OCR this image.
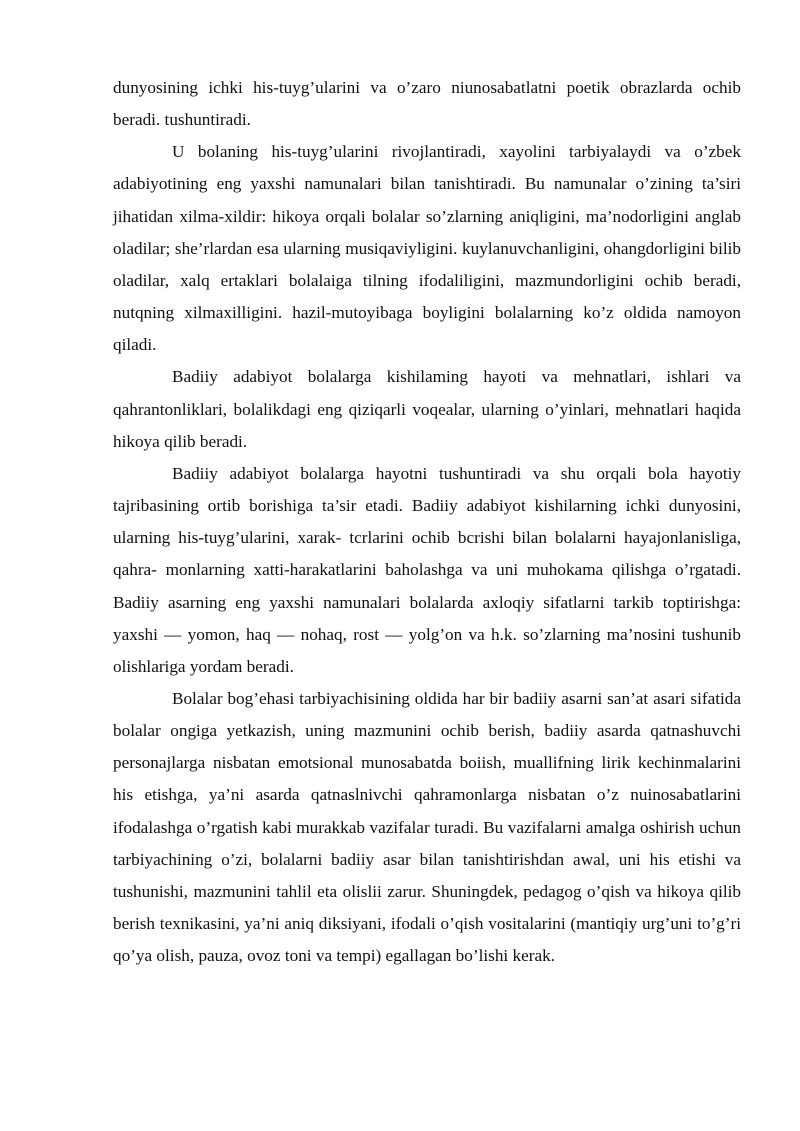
dunyosining ichki his-tuyg’ularini va o’zaro niunosabatlatni poetik obrazlarda ochib beradi. tushuntiradi.

U bolaning his-tuyg’ularini rivojlantiradi, xayolini tarbiyalaydi va o’zbek adabiyotining eng yaxshi namunalari bilan tanishtiradi. Bu namunalar o’zining ta’siri jihatidan xilma-xildir: hikoya orqali bolalar so’zlarning aniqligini, ma’nodorligini anglab oladilar; she’rlardan esa ularning musiqaviyligini. kuylanuvchanligini, ohangdorligini bilib oladilar, xalq ertaklari bolalaiga tilning ifodaliligini, mazmundorligini ochib beradi, nutqning xilmaxilligini. hazil-mutoyibaga boyligini bolalarning ko’z oldida namoyon qiladi.

Badiiy adabiyot bolalarga kishilaming hayoti va mehnatlari, ishlari va qahrantonliklari, bolalikdagi eng qiziqarli voqealar, ularning o’yinlari, mehnatlari haqida hikoya qilib beradi.

Badiiy adabiyot bolalarga hayotni tushuntiradi va shu orqali bola hayotiy tajribasining ortib borishiga ta’sir etadi. Badiiy adabiyot kishilarning ichki dunyosini, ularning his-tuyg’ularini, xarak- tcrlarini ochib bcrishi bilan bolalarni hayajonlanisliga, qahra- monlarning xatti-harakatlarini baholashga va uni muhokama qilishga o’rgatadi. Badiiy asarning eng yaxshi namunalari bolalarda axloqiy sifatlarni tarkib toptirishga: yaxshi — yomon, haq — nohaq, rost — yolg’on va h.k. so’zlarning ma’nosini tushunib olishlariga yordam beradi.

Bolalar bog’ehasi tarbiyachisining oldida har bir badiiy asarni san’at asari sifatida bolalar ongiga yetkazish, uning mazmunini ochib berish, badiiy asarda qatnashuvchi personajlarga nisbatan emotsional munosabatda boiish, muallifning lirik kechinmalarini his etishga, ya’ni asarda qatnaslnivchi qahramonlarga nisbatan o’z nuinosabatlarini ifodalashga o’rgatish kabi murakkab vazifalar turadi. Bu vazifalarni amalga oshirish uchun tarbiyachining o’zi, bolalarni badiiy asar bilan tanishtirishdan awal, uni his etishi va tushunishi, mazmunini tahlil eta olislii zarur. Shuningdek, pedagog o’qish va hikoya qilib berish texnikasini, ya’ni aniq diksiyani, ifodali o’qish vositalarini (mantiqiy urg’uni to’g’ri qo’ya olish, pauza, ovoz toni va tempi) egallagan bo’lishi kerak.
